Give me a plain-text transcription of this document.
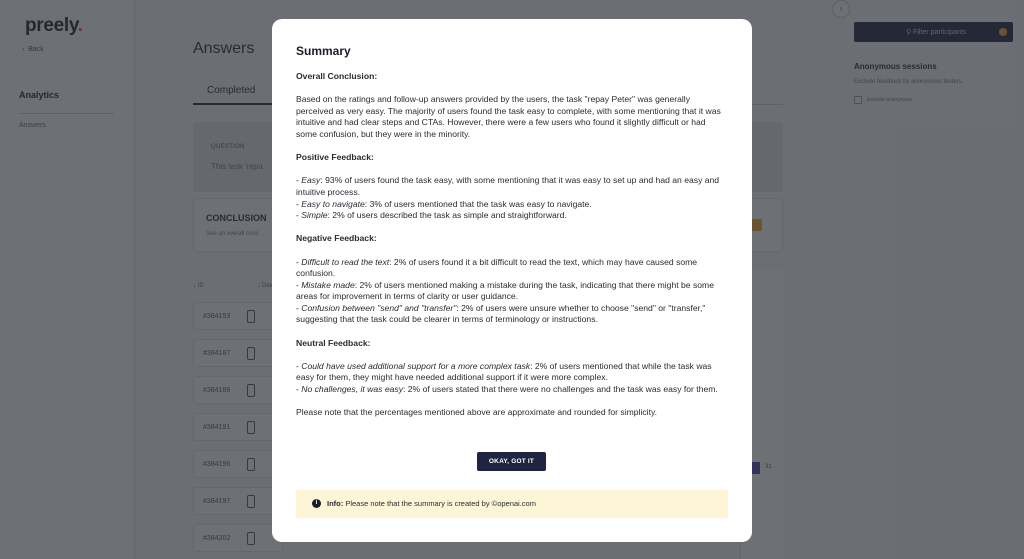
Summary

Overall Conclusion:

Based on the ratings and follow-up answers provided by the users, the task "repay Peter" was generally perceived as very easy. The majority of users found the task easy to complete, with some mentioning that it was intuitive and had clear steps and CTAs. However, there were a few users who found it slightly difficult or had some confusion, but they were in the minority.

Positive Feedback:

- Easy: 93% of users found the task easy, with some mentioning that it was easy to set up and had an easy and intuitive process.

- Easy to navigate: 3% of users mentioned that the task was easy to navigate.

- Simple: 2% of users described the task as simple and straightforward.

Negative Feedback:

- Difficult to read the text: 2% of users found it a bit difficult to read the text, which may have caused some confusion.

- Mistake made: 2% of users mentioned making a mistake during the task, indicating that there might be some areas for improvement in terms of clarity or user guidance.

- Confusion between "send" and "transfer": 2% of users were unsure whether to choose "send" or "transfer," suggesting that the task could be clearer in terms of terminology or instructions.

Neutral Feedback:

- Could have used additional support for a more complex task: 2% of users mentioned that while the task was easy for them, they might have needed additional support if it were more complex.

- No challenges, it was easy: 2% of users stated that there were no challenges and the task was easy for them.

Please note that the percentages mentioned above are approximate and rounded for simplicity.

OKAY, GOT IT
i	Info: Please note that the summary is created by ©openai.com
